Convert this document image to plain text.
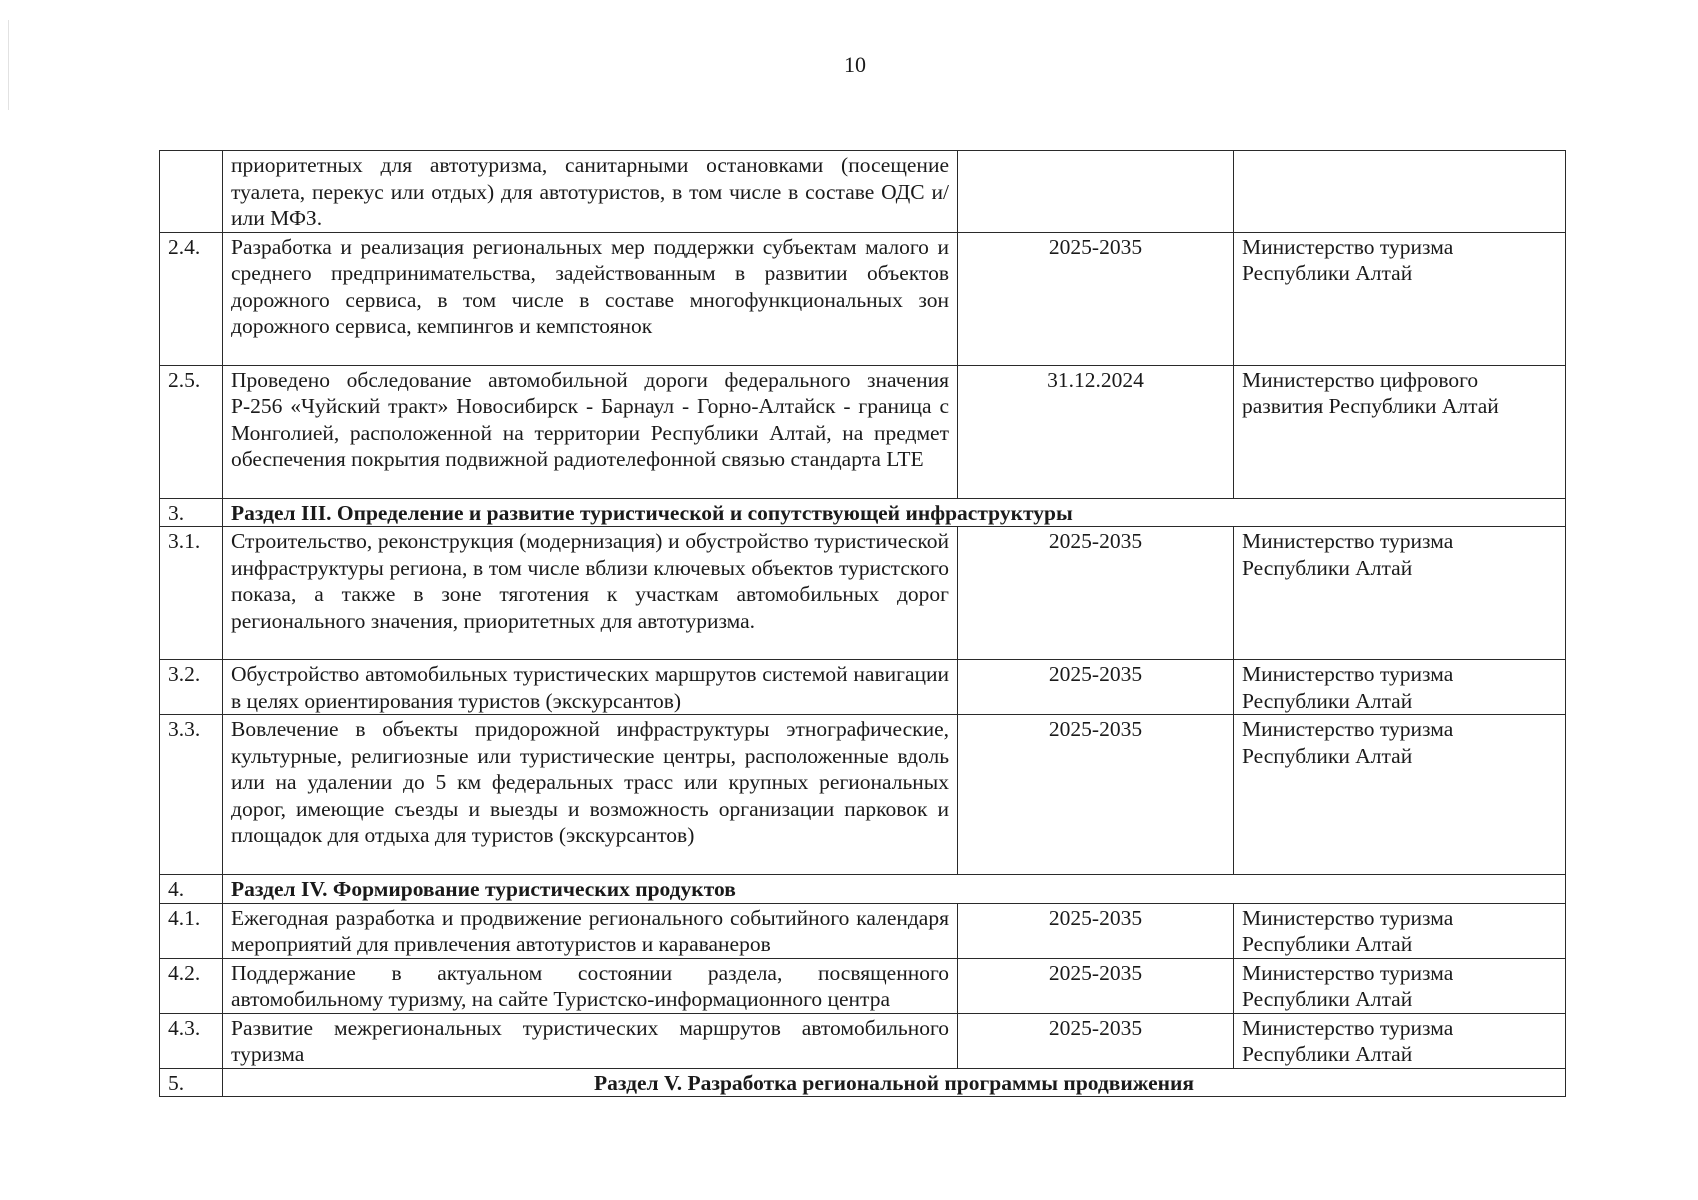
10
	приоритетных для автотуризма, санитарными остановками (посещение туалета, перекус или отдых) для автотуристов, в том числе в составе ОДС и/или МФЗ.		
2.4.	Разработка и реализация региональных мер поддержки субъектам малого и среднего предпринимательства, задействованным в развитии объектов дорожного сервиса, в том числе в составе многофункциональных зон дорожного сервиса, кемпингов и кемпстоянок	2025-2035	Министерство туризма Республики Алтай
2.5.	Проведено обследование автомобильной дороги федерального значения Р-256 «Чуйский тракт» Новосибирск - Барнаул - Горно-Алтайск - граница с Монголией, расположенной на территории Республики Алтай, на предмет обеспечения покрытия подвижной радиотелефонной связью стандарта LTE	31.12.2024	Министерство цифрового развития Республики Алтай
3.	Раздел III. Определение и развитие туристической и сопутствующей инфраструктуры		
3.1.	Строительство, реконструкция (модернизация) и обустройство туристической инфраструктуры региона, в том числе вблизи ключевых объектов туристского показа, а также в зоне тяготения к участкам автомобильных дорог регионального значения, приоритетных для автотуризма.	2025-2035	Министерство туризма Республики Алтай
3.2.	Обустройство автомобильных туристических маршрутов системой навигации в целях ориентирования туристов (экскурсантов)	2025-2035	Министерство туризма Республики Алтай
3.3.	Вовлечение в объекты придорожной инфраструктуры этнографические, культурные, религиозные или туристические центры, расположенные вдоль или на удалении до 5 км федеральных трасс или крупных региональных дорог, имеющие съезды и выезды и возможность организации парковок и площадок для отдыха для туристов (экскурсантов)	2025-2035	Министерство туризма Республики Алтай
4.	Раздел IV. Формирование туристических продуктов		
4.1.	Ежегодная разработка и продвижение регионального событийного календаря мероприятий для привлечения автотуристов и караванеров	2025-2035	Министерство туризма Республики Алтай
4.2.	Поддержание в актуальном состоянии раздела, посвященного автомобильному туризму, на сайте Туристско-информационного центра	2025-2035	Министерство туризма Республики Алтай
4.3.	Развитие межрегиональных туристических маршрутов автомобильного туризма	2025-2035	Министерство туризма Республики Алтай
5.	Раздел V. Разработка региональной программы продвижения		
